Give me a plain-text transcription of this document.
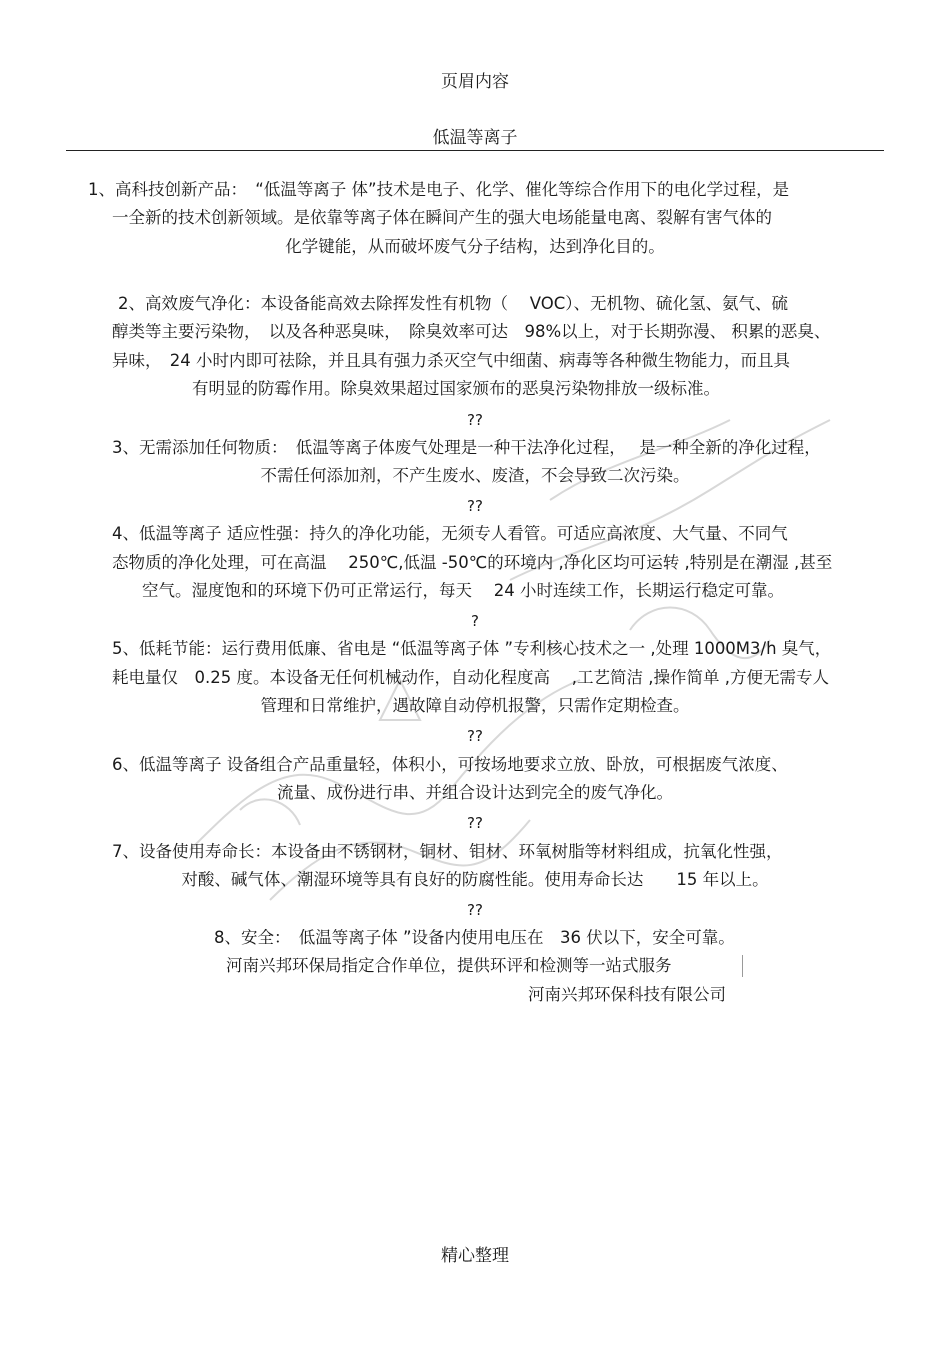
页眉内容
低温等离子
1、高科技创新产品：　“低温等离子 体”技术是电子、化学、催化等综合作用下的电化学过程，是
一全新的技术创新领域。是依靠等离子体在瞬间产生的强大电场能量电离、裂解有害气体的
化学键能，从而破坏废气分子结构，达到净化目的。
2、高效废气净化：本设备能高效去除挥发性有机物（　 VOC）、无机物、硫化氢、氨气、硫
醇类等主要污染物，　以及各种恶臭味，　除臭效率可达　98%以上，对于长期弥漫、 积累的恶臭、
异味，　24 小时内即可祛除，并且具有强力杀灭空气中细菌、病毒等各种微生物能力，而且具
有明显的防霉作用。除臭效果超过国家颁布的恶臭污染物排放一级标准。
??
3、无需添加任何物质：　低温等离子体废气处理是一种干法净化过程，　 是一种全新的净化过程，
不需任何添加剂，不产生废水、废渣，不会导致二次污染。
??
4、低温等离子 适应性强：持久的净化功能，无须专人看管。可适应高浓度、大气量、不同气
态物质的净化处理，可在高温　 250℃,低温 -50℃的环境内 ,净化区均可运转 ,特别是在潮湿 ,甚至
空气。湿度饱和的环境下仍可正常运行，每天　 24 小时连续工作，长期运行稳定可靠。
?
5、低耗节能：运行费用低廉、省电是 “低温等离子体 ”专利核心技术之一 ,处理 1000M3/h 臭气，
耗电量仅　0.25 度。本设备无任何机械动作，自动化程度高　 ,工艺简洁 ,操作简单 ,方便无需专人
管理和日常维护，遇故障自动停机报警，只需作定期检查。
??
6、低温等离子 设备组合产品重量轻，体积小，可按场地要求立放、卧放，可根据废气浓度、
流量、成份进行串、并组合设计达到完全的废气净化。
??
7、设备使用寿命长：本设备由不锈钢材，铜材、钼材、环氧树脂等材料组成，抗氧化性强，
对酸、碱气体、潮湿环境等具有良好的防腐性能。使用寿命长达　　15 年以上。
??
8、安全：　低温等离子体 ”设备内使用电压在　36 伏以下，安全可靠。
河南兴邦环保局指定合作单位，提供环评和检测等一站式服务
河南兴邦环保科技有限公司
精心整理
